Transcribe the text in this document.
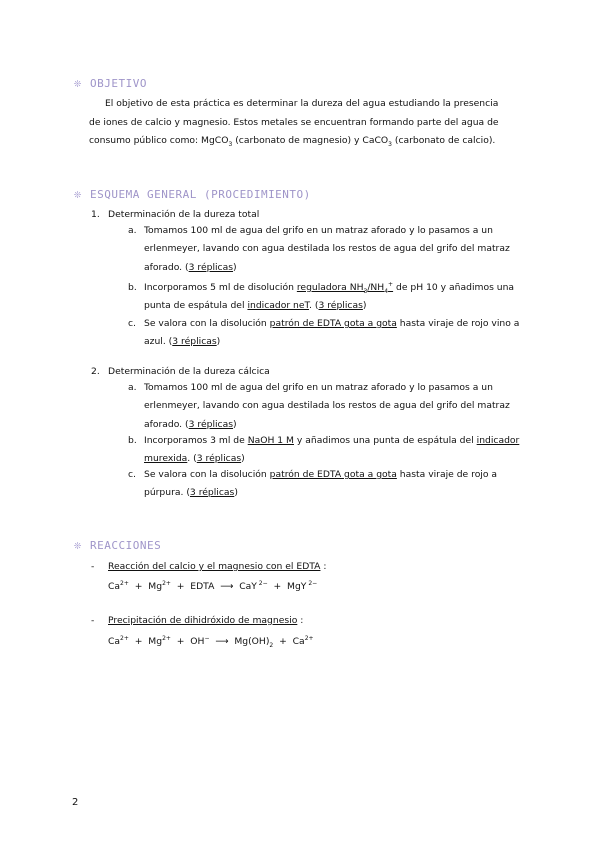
❊ OBJETIVO

El objetivo de esta práctica es determinar la dureza del agua estudiando la presencia

de iones de calcio y magnesio. Estos metales se encuentran formando parte del agua de

consumo público como: MgCO$_3$ (carbonato de magnesio) y CaCO$_3$ (carbonato de calcio).

❊ ESQUEMA GENERAL (PROCEDIMIENTO)
1. Determinación de la dureza total
a. Tomamos 100 ml de agua del grifo en un matraz aforado y lo pasamos a un erlenmeyer, lavando con agua destilada los restos de agua del grifo del matraz aforado. (3 réplicas)
b. Incorporamos 5 ml de disolución reguladora $NH_3/NH_4^+$ de pH 10 y añadimos una punta de espátula del indicador neT. (3 réplicas)
c. Se valora con la disolución patrón de EDTA gota a gota hasta viraje de rojo vino a azul. (3 réplicas)
2. Determinación de la dureza cálcica
a. Tomamos 100 ml de agua del grifo en un matraz aforado y lo pasamos a un erlenmeyer, lavando con agua destilada los restos de agua del grifo del matraz aforado. (3 réplicas)
b. Incorporamos 3 ml de NaOH 1 M y añadimos una punta de espátula del indicador murexida. (3 réplicas)
c. Se valora con la disolución patrón de EDTA gota a gota hasta viraje de rojo a púrpura. (3 réplicas)
❊ REACCIONES
- Reacción del calcio y el magnesio con el EDTA :
$Ca^{2+} + Mg^{2+}$  +  EDTA  ⟶  CaY $^{2-}$  +  MgY $^{2-}$
- Precipitación de dihidróxido de magnesio :
$Ca^{2+} + Mg^{2+} + OH^-$  ⟶  $Mg(OH)_2 + Ca^{2+}$
2
